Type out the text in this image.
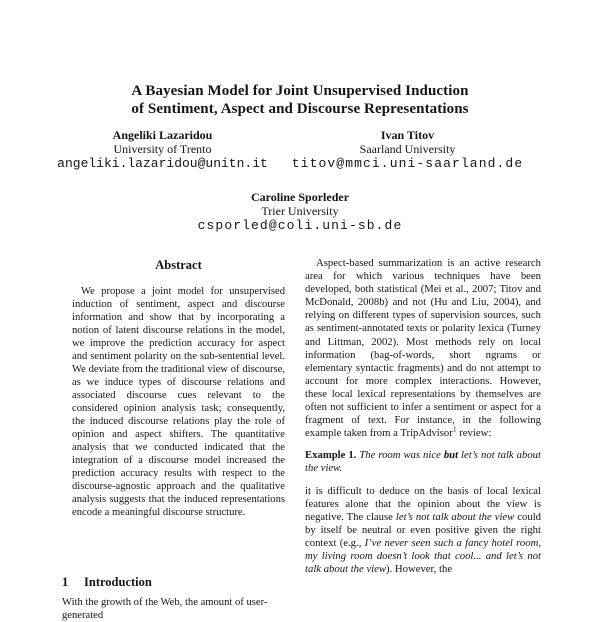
A Bayesian Model for Joint Unsupervised Induction
of Sentiment, Aspect and Discourse Representations
Angeliki Lazaridou
University of Trento
angeliki.lazaridou@unitn.it
Ivan Titov
Saarland University
titov@mmci.uni-saarland.de
Caroline Sporleder
Trier University
csporled@coli.uni-sb.de
Abstract
We propose a joint model for unsupervised induction of sentiment, aspect and discourse information and show that by incorporating a notion of latent discourse relations in the model, we improve the prediction accuracy for aspect and sentiment polarity on the sub-sentential level. We deviate from the traditional view of discourse, as we induce types of discourse relations and associated discourse cues relevant to the considered opinion analysis task; consequently, the induced discourse relations play the role of opinion and aspect shifters. The quantitative analysis that we conducted indicated that the integration of a discourse model increased the prediction accuracy results with respect to the discourse-agnostic approach and the qualitative analysis suggests that the induced representations encode a meaningful discourse structure.
1 Introduction
With the growth of the Web, the amount of user-generated

Aspect-based summarization is an active research area for which various techniques have been developed, both statistical (Mei et al., 2007; Titov and McDonald, 2008b) and not (Hu and Liu, 2004), and relying on different types of supervision sources, such as sentiment-annotated texts or polarity lexica (Turney and Littman, 2002). Most methods rely on local information (bag-of-words, short ngrams or elementary syntactic fragments) and do not attempt to account for more complex interactions. However, these local lexical representations by themselves are often not sufficient to infer a sentiment or aspect for a fragment of text. For instance, in the following example taken from a TripAdvisor$^1$ review:

Example 1. The room was nice but let’s not talk about the view.

it is difficult to deduce on the basis of local lexical features alone that the opinion about the view is negative. The clause let’s not talk about the view could by itself be neutral or even positive given the right context (e.g., I’ve never seen such a fancy hotel room, my living room doesn’t look that cool... and let’s not talk about the view). However, the
